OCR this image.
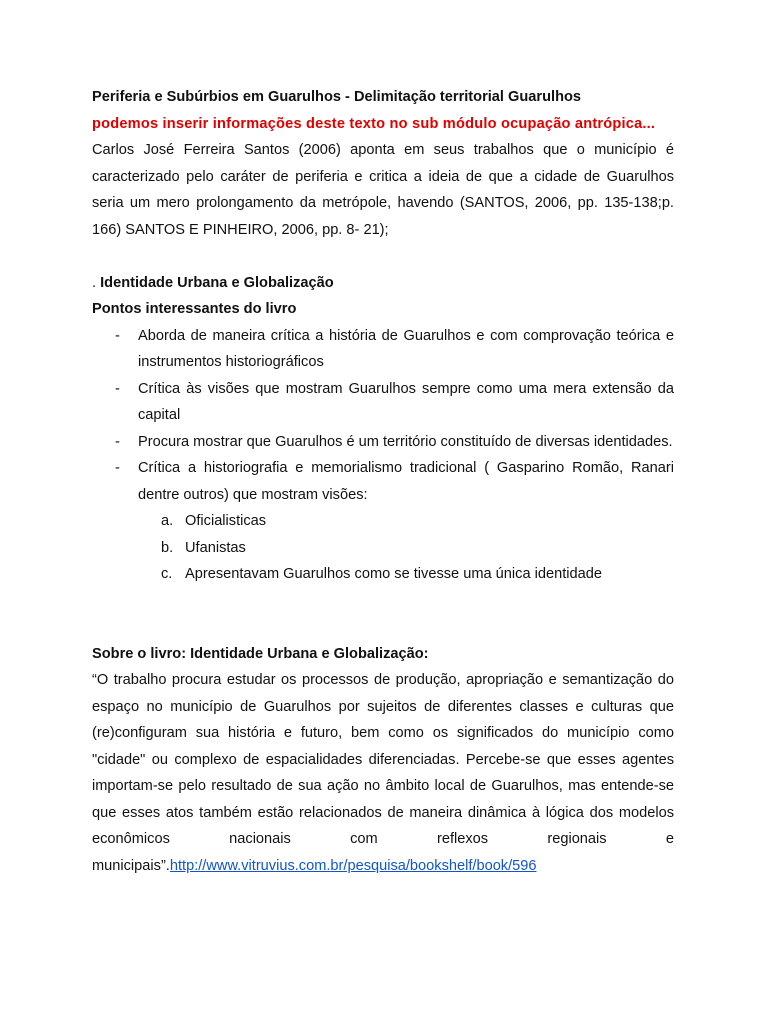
Periferia e Subúrbios em Guarulhos - Delimitação territorial Guarulhos
podemos inserir informações deste texto no sub módulo ocupação antrópica...
Carlos José Ferreira Santos (2006) aponta em seus trabalhos que o município é caracterizado pelo caráter de periferia e critica a ideia de que a cidade de Guarulhos seria um mero prolongamento da metrópole, havendo (SANTOS, 2006, pp. 135-138;p. 166) SANTOS E PINHEIRO, 2006, pp. 8- 21);
. Identidade Urbana e Globalização
Pontos interessantes do livro
- Aborda de maneira crítica a história de Guarulhos e com comprovação teórica e instrumentos historiográficos
- Crítica às visões que mostram Guarulhos sempre como uma mera extensão da capital
- Procura mostrar que Guarulhos é um território constituído de diversas identidades.
- Crítica a historiografia e memorialismo tradicional ( Gasparino Romão, Ranari dentre outros) que mostram visões:
a. Oficialisticas
b. Ufanistas
c. Apresentavam Guarulhos como se tivesse uma única identidade
Sobre o livro: Identidade Urbana e Globalização:
“O trabalho procura estudar os processos de produção, apropriação e semantização do espaço no município de Guarulhos por sujeitos de diferentes classes e culturas que (re)configuram sua história e futuro, bem como os significados do município como "cidade" ou complexo de espacialidades diferenciadas. Percebe-se que esses agentes importam-se pelo resultado de sua ação no âmbito local de Guarulhos, mas entende-se que esses atos também estão relacionados de maneira dinâmica à lógica dos modelos econômicos nacionais com reflexos regionais e municipais”.http://www.vitruvius.com.br/pesquisa/bookshelf/book/596
